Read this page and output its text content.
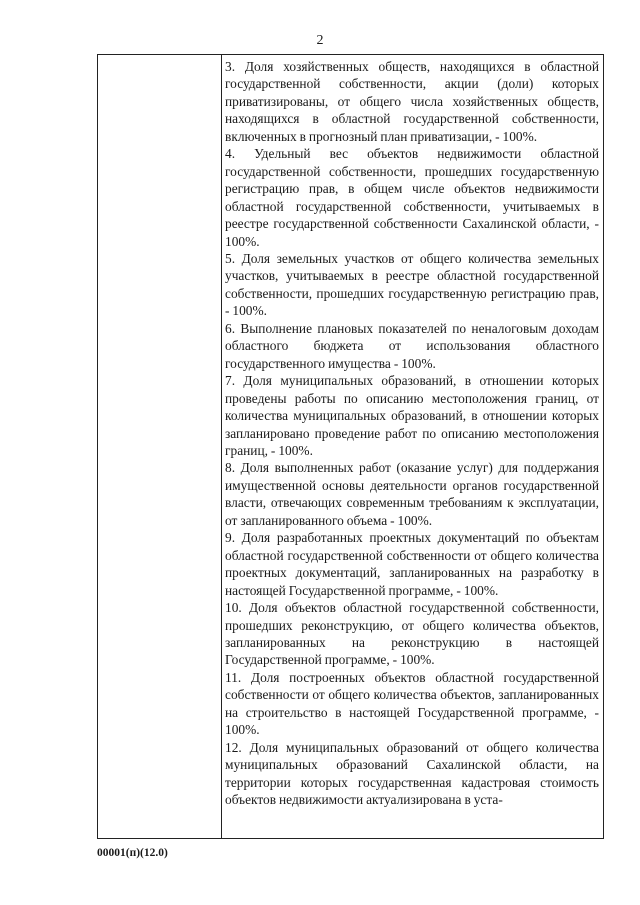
2

3. Доля хозяйственных обществ, находящихся в областной государственной собственности, акции (доли) которых приватизированы, от общего числа хозяйственных обществ, находящихся в областной государственной собственности, включенных в прогнозный план приватизации, - 100%.

4. Удельный вес объектов недвижимости областной государственной собственности, прошедших государственную регистрацию прав, в общем числе объектов недвижимости областной государственной собственности, учитываемых в реестре государственной собственности Сахалинской области, - 100%.

5. Доля земельных участков от общего количества земельных участков, учитываемых в реестре областной государственной собственности, прошедших государственную регистрацию прав, - 100%.

6. Выполнение плановых показателей по неналоговым доходам областного бюджета от использования областного государственного имущества - 100%.

7. Доля муниципальных образований, в отношении которых проведены работы по описанию местоположения границ, от количества муниципальных образований, в отношении которых запланировано проведение работ по описанию местоположения границ, - 100%.

8. Доля выполненных работ (оказание услуг) для поддержания имущественной основы деятельности органов государственной власти, отвечающих современным требованиям к эксплуатации, от запланированного объема - 100%.

9. Доля разработанных проектных документаций по объектам областной государственной собственности от общего количества проектных документаций, запланированных на разработку в настоящей Государственной программе, - 100%.

10. Доля объектов областной государственной собственности, прошедших реконструкцию, от общего количества объектов, запланированных на реконструкцию в настоящей Государственной программе, - 100%.

11. Доля построенных объектов областной государственной собственности от общего количества объектов, запланированных на строительство в настоящей Государственной программе, - 100%.

12. Доля муниципальных образований от общего количества муниципальных образований Сахалинской области, на территории которых государственная кадастровая стоимость объектов недвижимости актуализирована в уста-

00001(п)(12.0)
